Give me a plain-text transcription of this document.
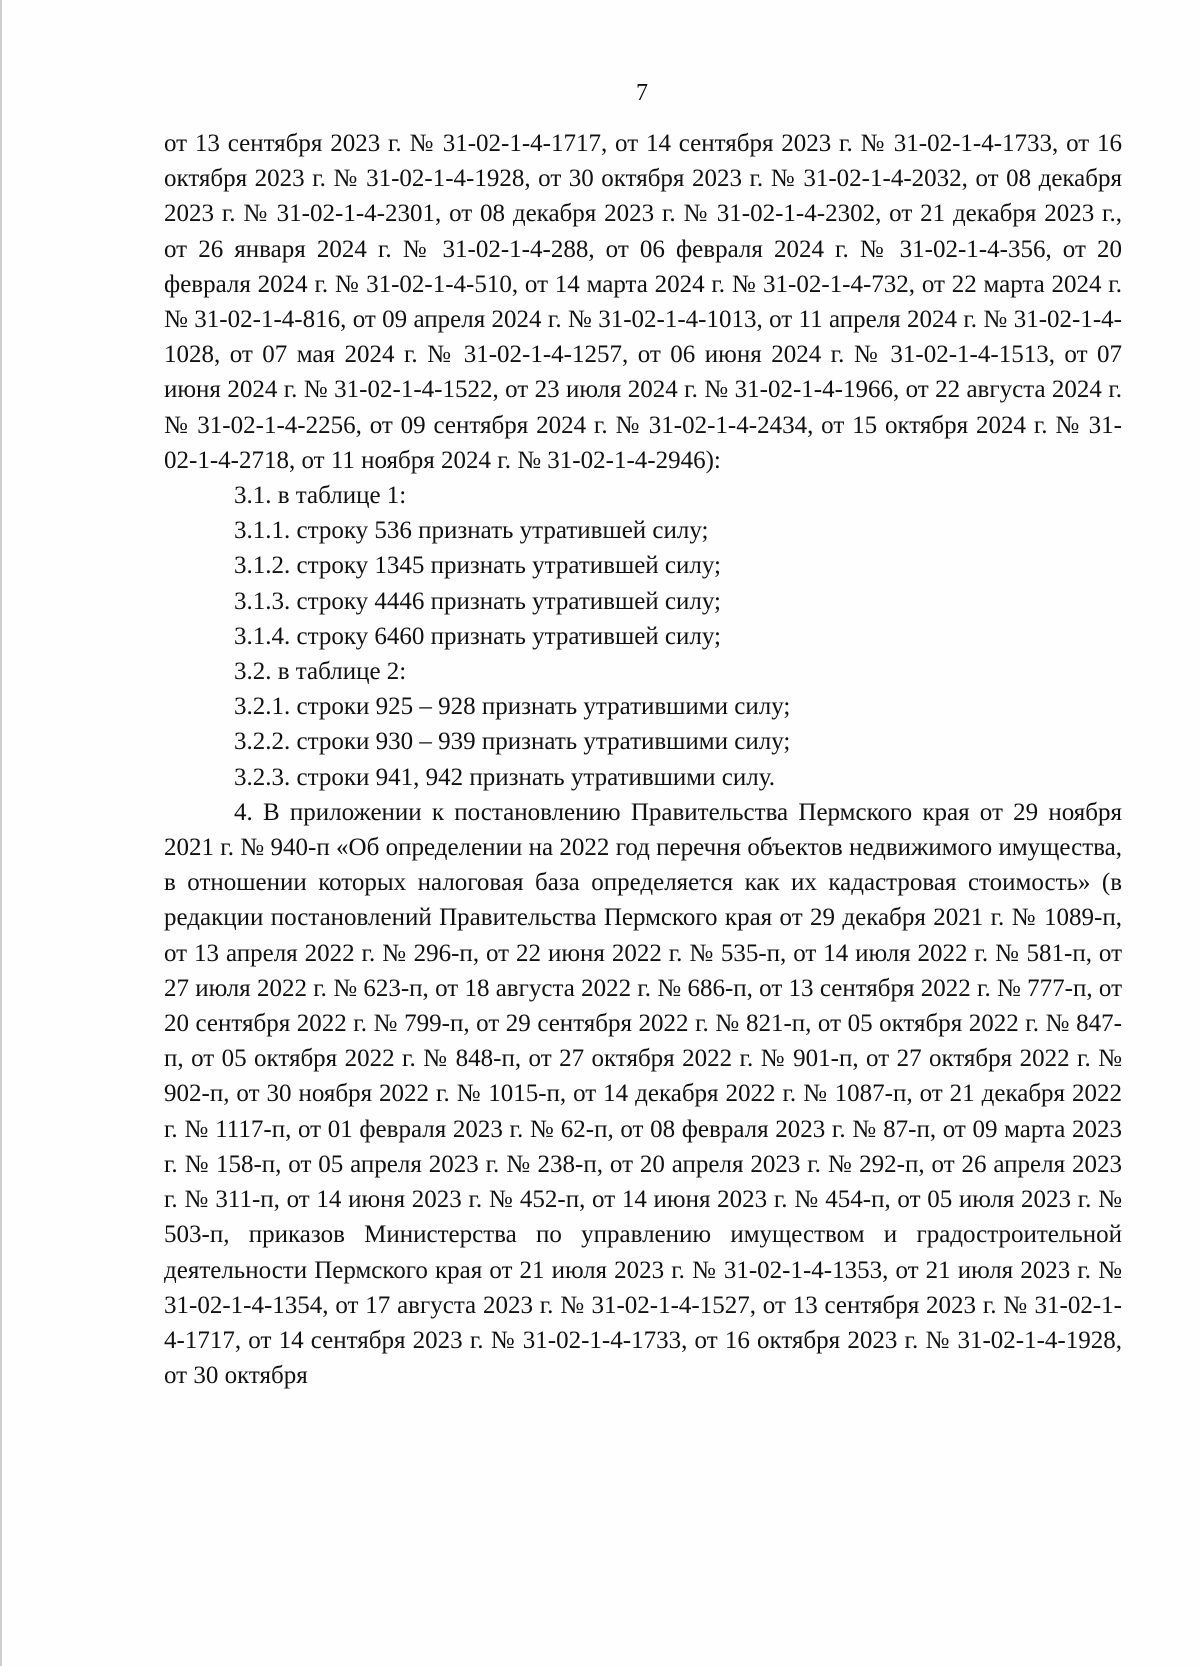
7

от 13 сентября 2023 г. № 31-02-1-4-1717, от 14 сентября 2023 г. № 31-02-1-4-1733, от 16 октября 2023 г. № 31-02-1-4-1928, от 30 октября 2023 г. № 31-02-1-4-2032, от 08 декабря 2023 г. № 31-02-1-4-2301, от 08 декабря 2023 г. № 31-02-1-4-2302, от 21 декабря 2023 г., от 26 января 2024 г. № 31-02-1-4-288, от 06 февраля 2024 г. № 31-02-1-4-356, от 20 февраля 2024 г. № 31-02-1-4-510, от 14 марта 2024 г. № 31-02-1-4-732, от 22 марта 2024 г. № 31-02-1-4-816, от 09 апреля 2024 г. № 31-02-1-4-1013, от 11 апреля 2024 г. № 31-02-1-4-1028, от 07 мая 2024 г. № 31-02-1-4-1257, от 06 июня 2024 г. № 31-02-1-4-1513, от 07 июня 2024 г. № 31-02-1-4-1522, от 23 июля 2024 г. № 31-02-1-4-1966, от 22 августа 2024 г. № 31-02-1-4-2256, от 09 сентября 2024 г. № 31-02-1-4-2434, от 15 октября 2024 г. № 31-02-1-4-2718, от 11 ноября 2024 г. № 31-02-1-4-2946):

3.1. в таблице 1:

3.1.1. строку 536 признать утратившей силу;

3.1.2. строку 1345 признать утратившей силу;

3.1.3. строку 4446 признать утратившей силу;

3.1.4. строку 6460 признать утратившей силу;

3.2. в таблице 2:

3.2.1. строки 925 – 928 признать утратившими силу;

3.2.2. строки 930 – 939 признать утратившими силу;

3.2.3. строки 941, 942 признать утратившими силу.

4. В приложении к постановлению Правительства Пермского края от 29 ноября 2021 г. № 940-п «Об определении на 2022 год перечня объектов недвижимого имущества, в отношении которых налоговая база определяется как их кадастровая стоимость» (в редакции постановлений Правительства Пермского края от 29 декабря 2021 г. № 1089-п, от 13 апреля 2022 г. № 296-п, от 22 июня 2022 г. № 535-п, от 14 июля 2022 г. № 581-п, от 27 июля 2022 г. № 623-п, от 18 августа 2022 г. № 686-п, от 13 сентября 2022 г. № 777-п, от 20 сентября 2022 г. № 799-п, от 29 сентября 2022 г. № 821-п, от 05 октября 2022 г. № 847-п, от 05 октября 2022 г. № 848-п, от 27 октября 2022 г. № 901-п, от 27 октября 2022 г. № 902-п, от 30 ноября 2022 г. № 1015-п, от 14 декабря 2022 г. № 1087-п, от 21 декабря 2022 г. № 1117-п, от 01 февраля 2023 г. № 62-п, от 08 февраля 2023 г. № 87-п, от 09 марта 2023 г. № 158-п, от 05 апреля 2023 г. № 238-п, от 20 апреля 2023 г. № 292-п, от 26 апреля 2023 г. № 311-п, от 14 июня 2023 г. № 452-п, от 14 июня 2023 г. № 454-п, от 05 июля 2023 г. № 503-п, приказов Министерства по управлению имуществом и градостроительной деятельности Пермского края от 21 июля 2023 г. № 31-02-1-4-1353, от 21 июля 2023 г. № 31-02-1-4-1354, от 17 августа 2023 г. № 31-02-1-4-1527, от 13 сентября 2023 г. № 31-02-1-4-1717, от 14 сентября 2023 г. № 31-02-1-4-1733, от 16 октября 2023 г. № 31-02-1-4-1928, от 30 октября
